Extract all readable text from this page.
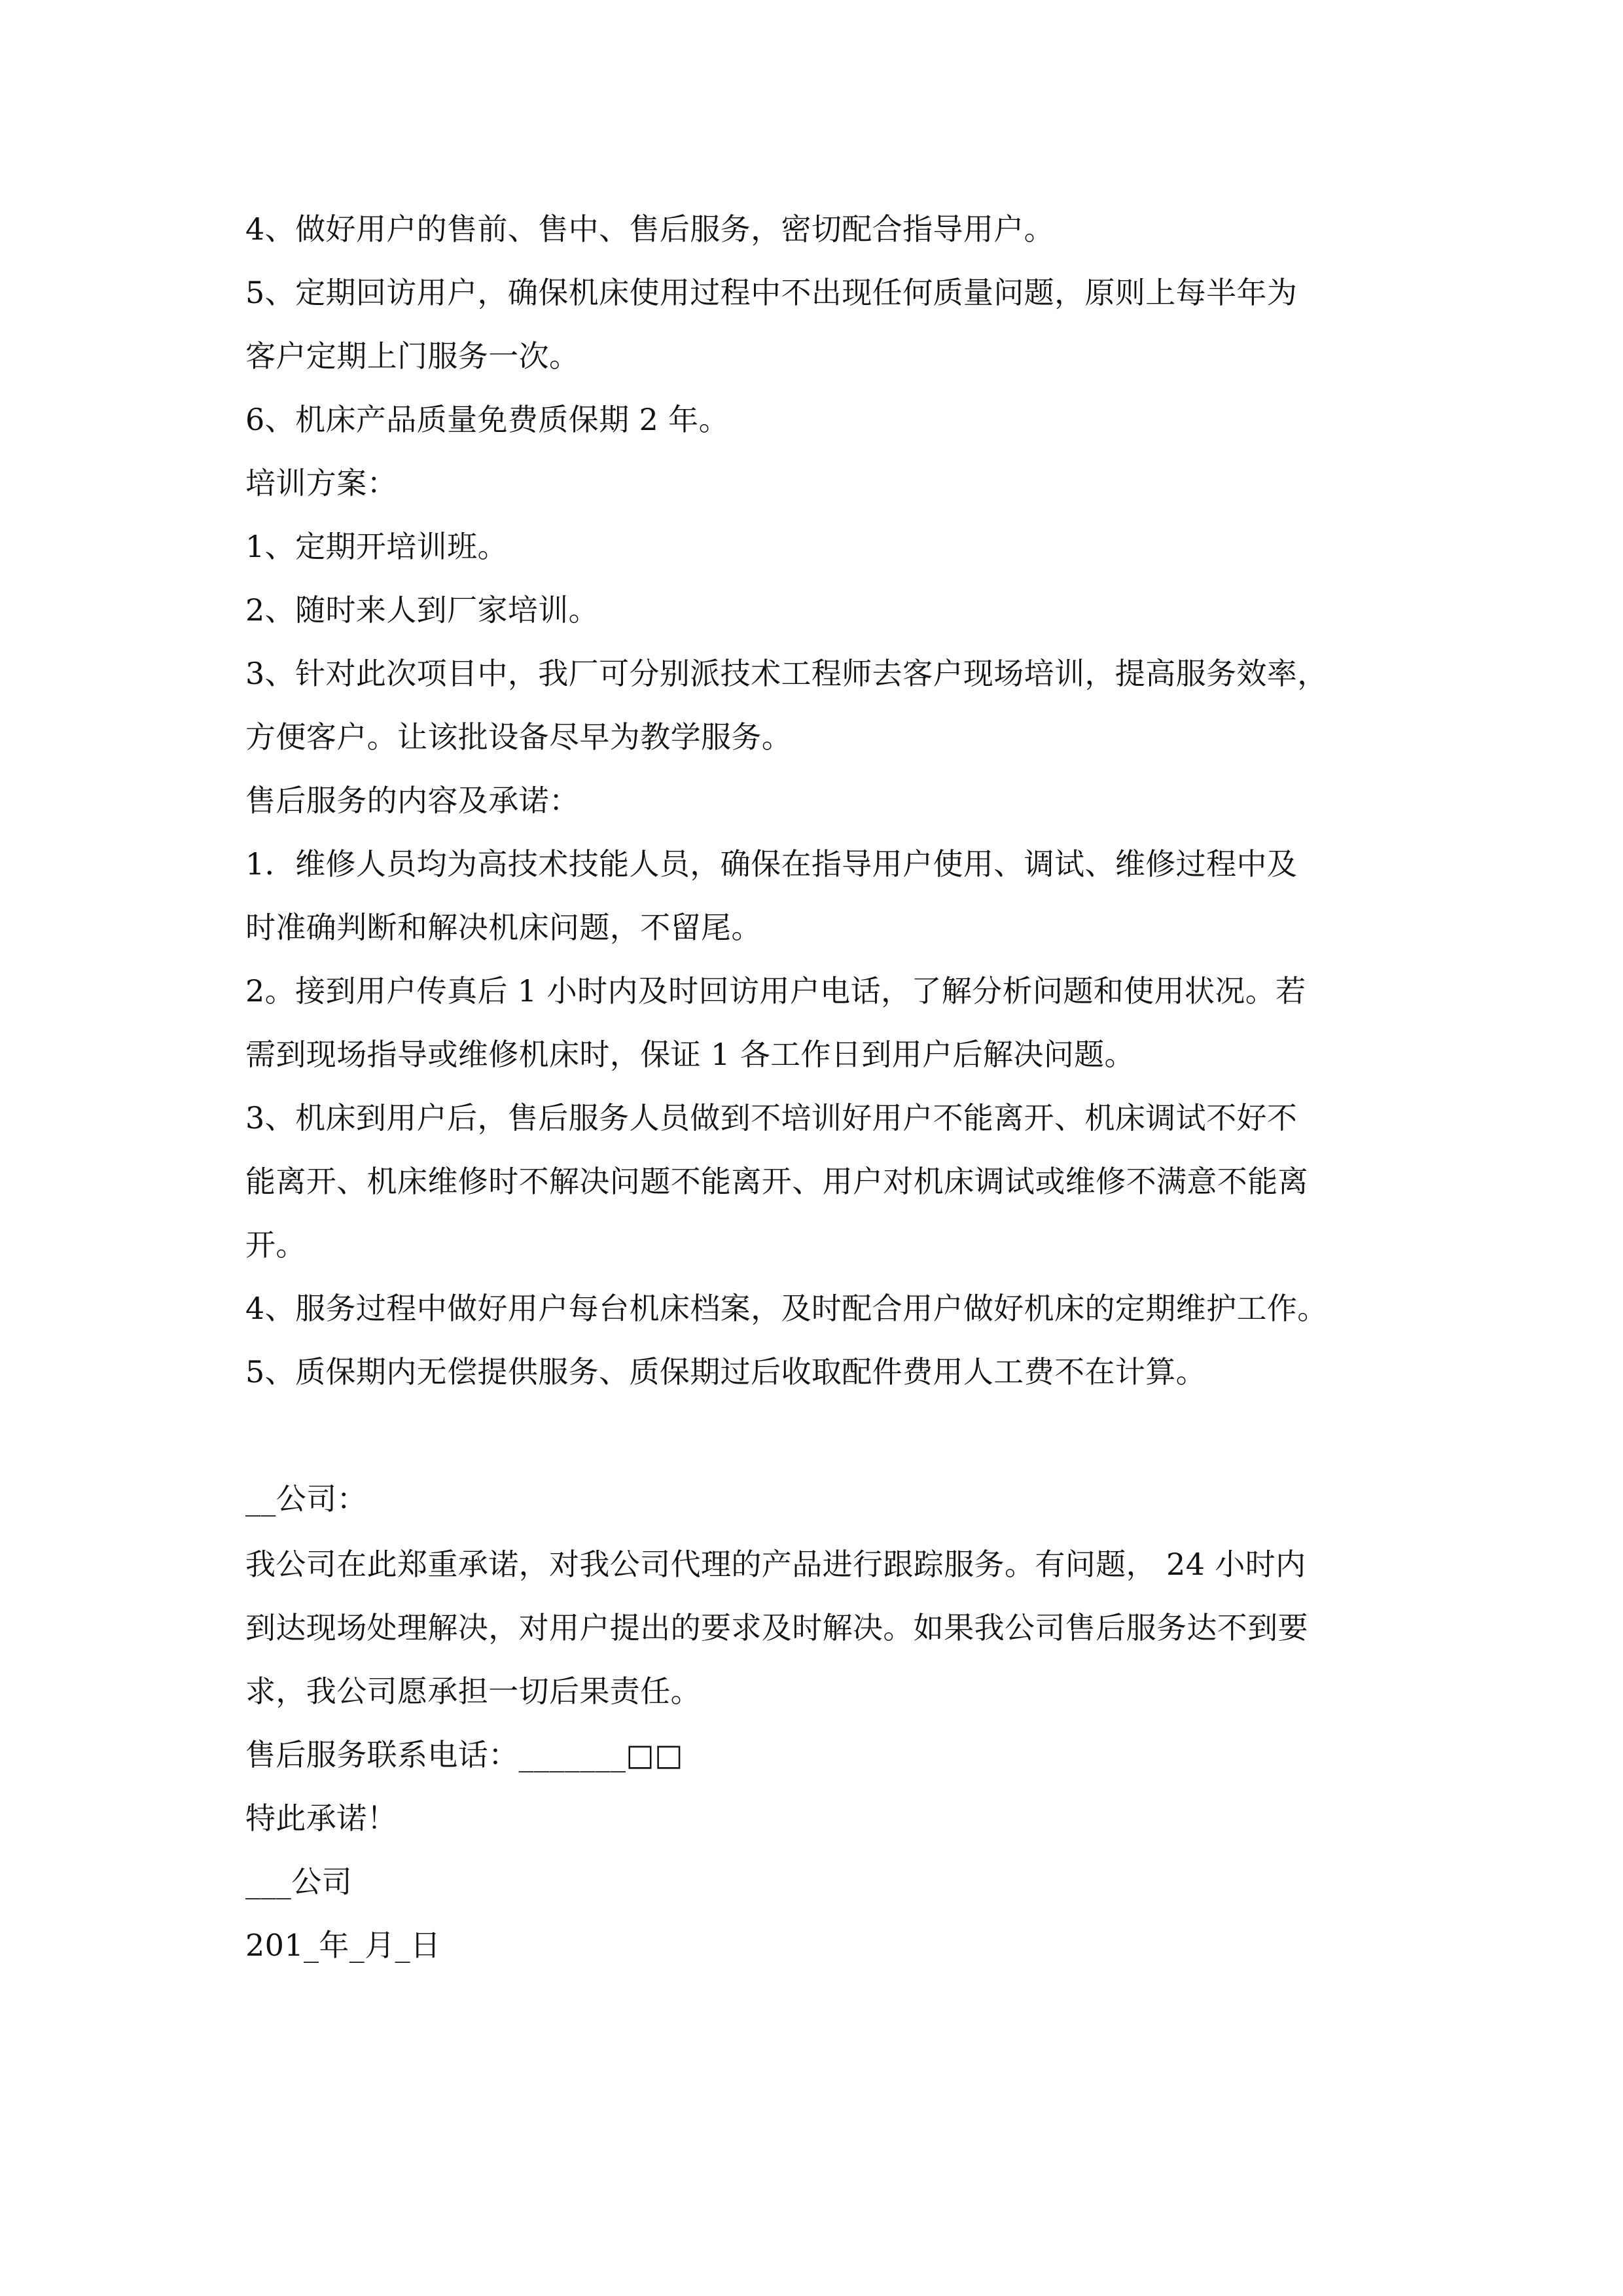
4、做好用户的售前、售中、售后服务，密切配合指导用户。
5、定期回访用户，确保机床使用过程中不出现任何质量问题，原则上每半年为
客户定期上门服务一次。
6、机床产品质量免费质保期 2 年。
培训方案：
1、定期开培训班。
2、随时来人到厂家培训。
3、针对此次项目中，我厂可分别派技术工程师去客户现场培训，提高服务效率，
方便客户。让该批设备尽早为教学服务。
售后服务的内容及承诺：
1．维修人员均为高技术技能人员，确保在指导用户使用、调试、维修过程中及
时准确判断和解决机床问题，不留尾。
2。接到用户传真后 1 小时内及时回访用户电话，了解分析问题和使用状况。若
需到现场指导或维修机床时，保证 1 各工作日到用户后解决问题。
3、机床到用户后，售后服务人员做到不培训好用户不能离开、机床调试不好不
能离开、机床维修时不解决问题不能离开、用户对机床调试或维修不满意不能离
开。
4、服务过程中做好用户每台机床档案，及时配合用户做好机床的定期维护工作。
5、质保期内无偿提供服务、质保期过后收取配件费用人工费不在计算。
__公司：
我公司在此郑重承诺，对我公司代理的产品进行跟踪服务。有问题， 24 小时内
到达现场处理解决，对用户提出的要求及时解决。如果我公司售后服务达不到要
求，我公司愿承担一切后果责任。
售后服务联系电话：_______□□
特此承诺！
___公司
201_年_月_日
